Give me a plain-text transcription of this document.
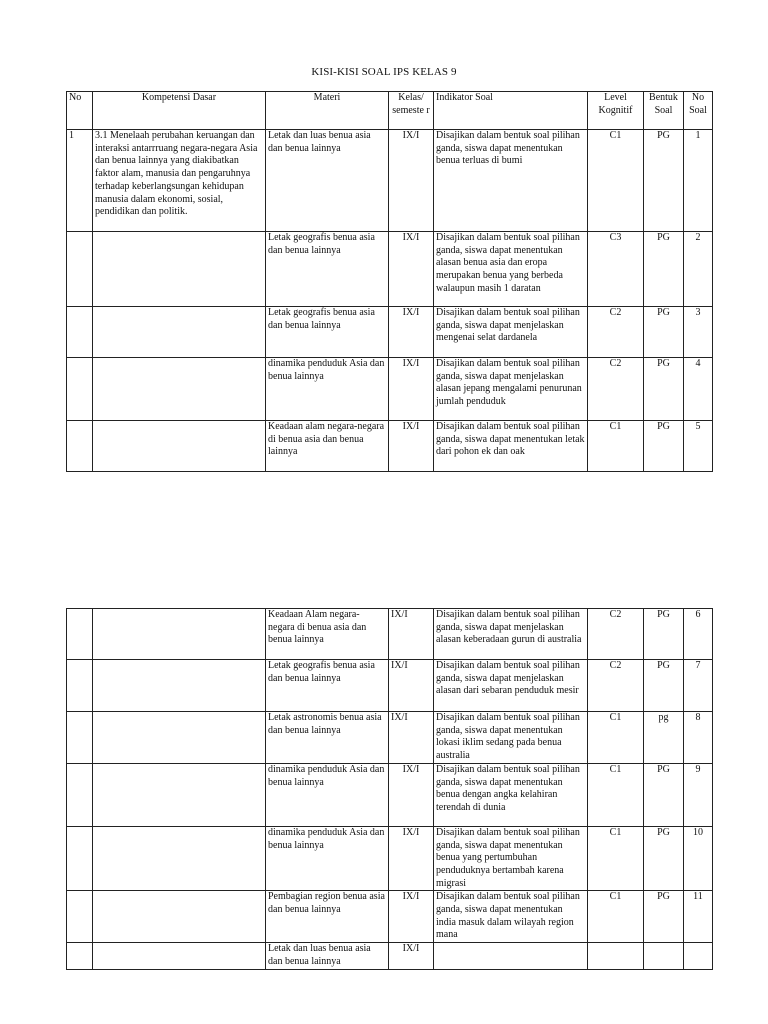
KISI-KISI SOAL IPS KELAS 9
No	Kompetensi Dasar	Materi	Kelas/ semeste r	Indikator Soal	Level Kognitif	Bentuk Soal	No Soal
1	3.1 Menelaah perubahan keruangan dan interaksi antarrruang negara-negara Asia dan benua lainnya yang diakibatkan faktor alam, manusia dan pengaruhnya terhadap keberlangsungan kehidupan manusia dalam ekonomi, sosial, pendidikan dan politik.	Letak dan luas benua asia dan benua lainnya	IX/I	Disajikan dalam bentuk soal pilihan ganda, siswa dapat menentukan benua terluas di bumi	C1	PG	1
		Letak geografis benua asia dan benua lainnya	IX/I	Disajikan dalam bentuk soal pilihan ganda, siswa dapat menentukan alasan benua asia dan eropa merupakan benua yang berbeda walaupun masih 1 daratan	C3	PG	2
		Letak geografis benua asia dan benua lainnya	IX/I	Disajikan dalam bentuk soal pilihan ganda, siswa dapat menjelaskan mengenai selat dardanela	C2	PG	3
		dinamika penduduk Asia dan benua lainnya	IX/I	Disajikan dalam bentuk soal pilihan ganda, siswa dapat menjelaskan alasan jepang mengalami penurunan jumlah penduduk	C2	PG	4
		Keadaan alam negara-negara di benua asia dan benua lainnya	IX/I	Disajikan dalam bentuk soal pilihan ganda, siswa dapat menentukan letak dari pohon ek dan oak	C1	PG	5
		Keadaan Alam negara-negara di benua asia dan benua lainnya	IX/I	Disajikan dalam bentuk soal pilihan ganda, siswa dapat menjelaskan alasan keberadaan gurun di australia	C2	PG	6
		Letak geografis benua asia dan benua lainnya	IX/I	Disajikan dalam bentuk soal pilihan ganda, siswa dapat menjelaskan alasan dari sebaran penduduk mesir	C2	PG	7
		Letak astronomis benua asia dan benua lainnya	IX/I	Disajikan dalam bentuk soal pilihan ganda, siswa dapat menentukan lokasi iklim sedang pada benua australia	C1	pg	8
		dinamika penduduk Asia dan benua lainnya	IX/I	Disajikan dalam bentuk soal pilihan ganda, siswa dapat menentukan benua dengan angka kelahiran terendah di dunia	C1	PG	9
		dinamika penduduk Asia dan benua lainnya	IX/I	Disajikan dalam bentuk soal pilihan ganda, siswa dapat menentukan benua yang pertumbuhan penduduknya bertambah karena migrasi	C1	PG	10
		Pembagian region benua asia dan benua lainnya	IX/I	Disajikan dalam bentuk soal pilihan ganda, siswa dapat menentukan india masuk dalam wilayah region mana	C1	PG	11
		Letak dan luas benua asia dan benua lainnya	IX/I				
